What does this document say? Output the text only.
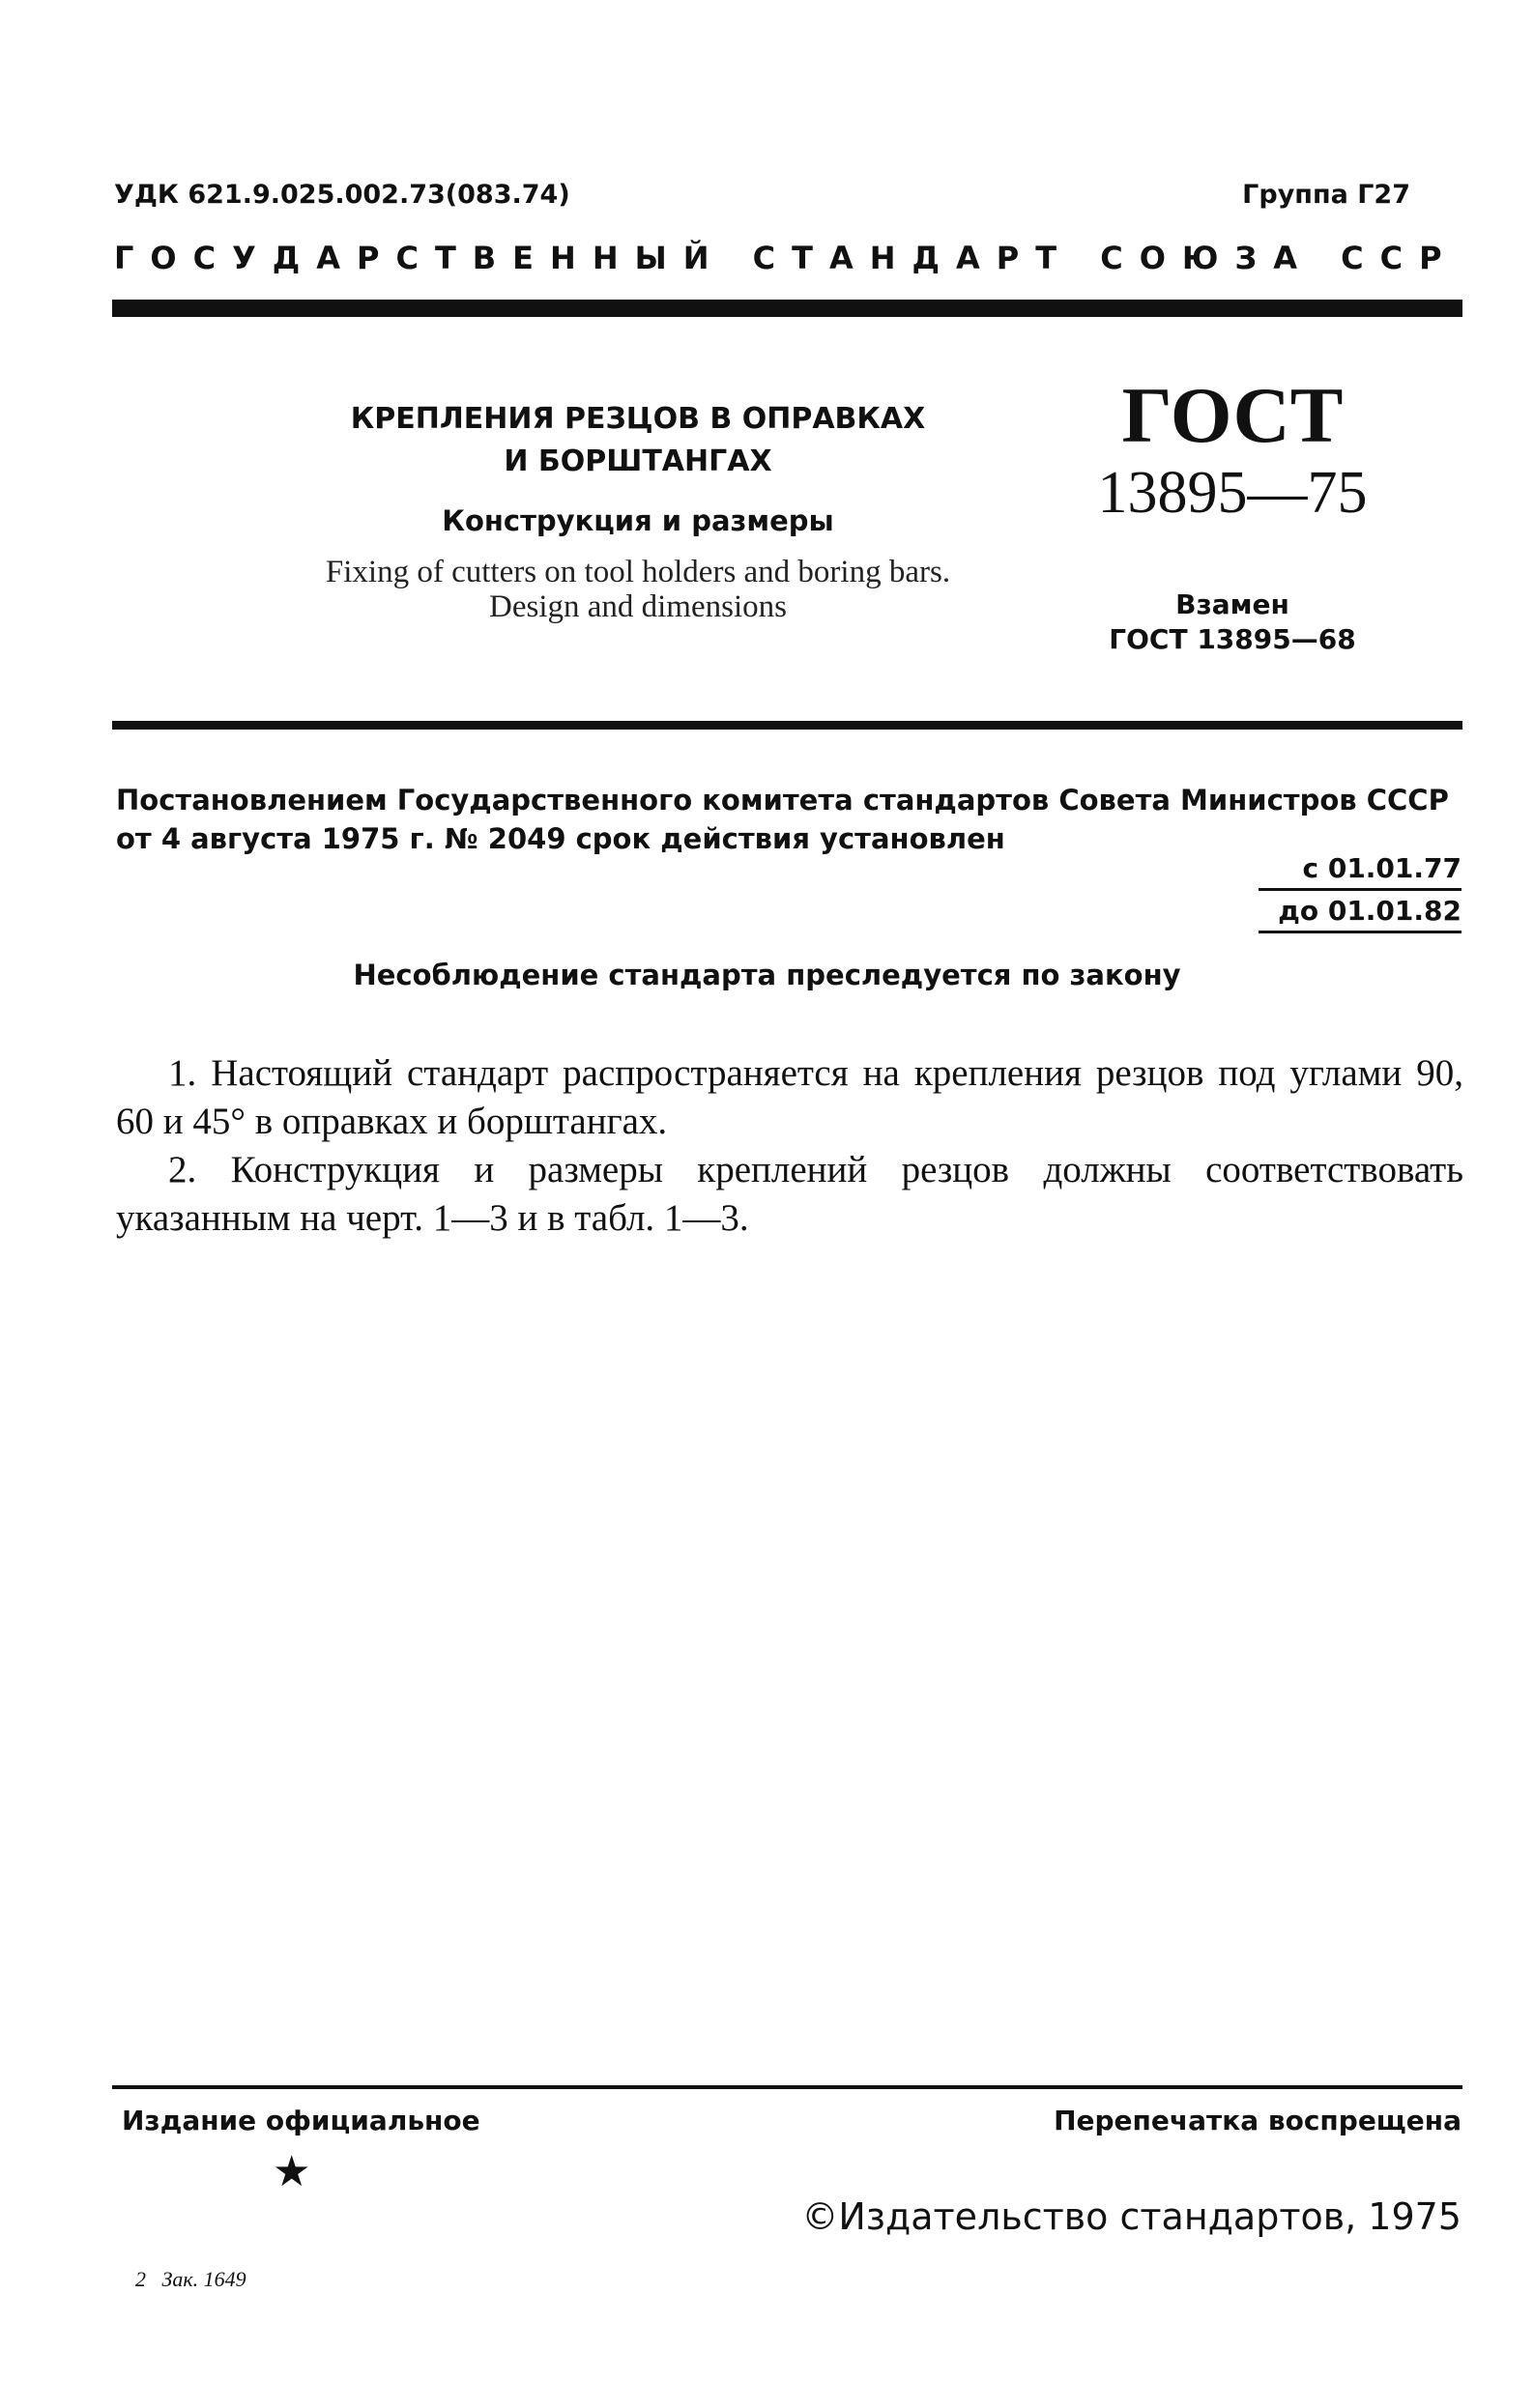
УДК 621.9.025.002.73(083.74)	Группа Г27
ГОСУДАРСТВЕННЫЙ СТАНДАРТ СОЮЗА ССР
КРЕПЛЕНИЯ РЕЗЦОВ В ОПРАВКАХ
И БОРШТАНГАХ
Конструкция и размеры
Fixing of cutters on tool holders and boring bars.
Design and dimensions
ГОСТ
13895—75
Взамен
ГОСТ 13895—68
Постановлением Государственного комитета стандартов Совета Министров СССР
от 4 августа 1975 г. № 2049 срок действия установлен
с 01.01.77
до 01.01.82
Несоблюдение стандарта преследуется по закону

1. Настоящий стандарт распространяется на крепления резцов под углами 90, 60 и 45° в оправках и борштангах.

2. Конструкция и размеры креплений резцов должны соответствовать указанным на черт. 1—3 и в табл. 1—3.

Издание официальное	Перепечатка воспрещена
★
©Издательство стандартов, 1975
2   Зак. 1649
